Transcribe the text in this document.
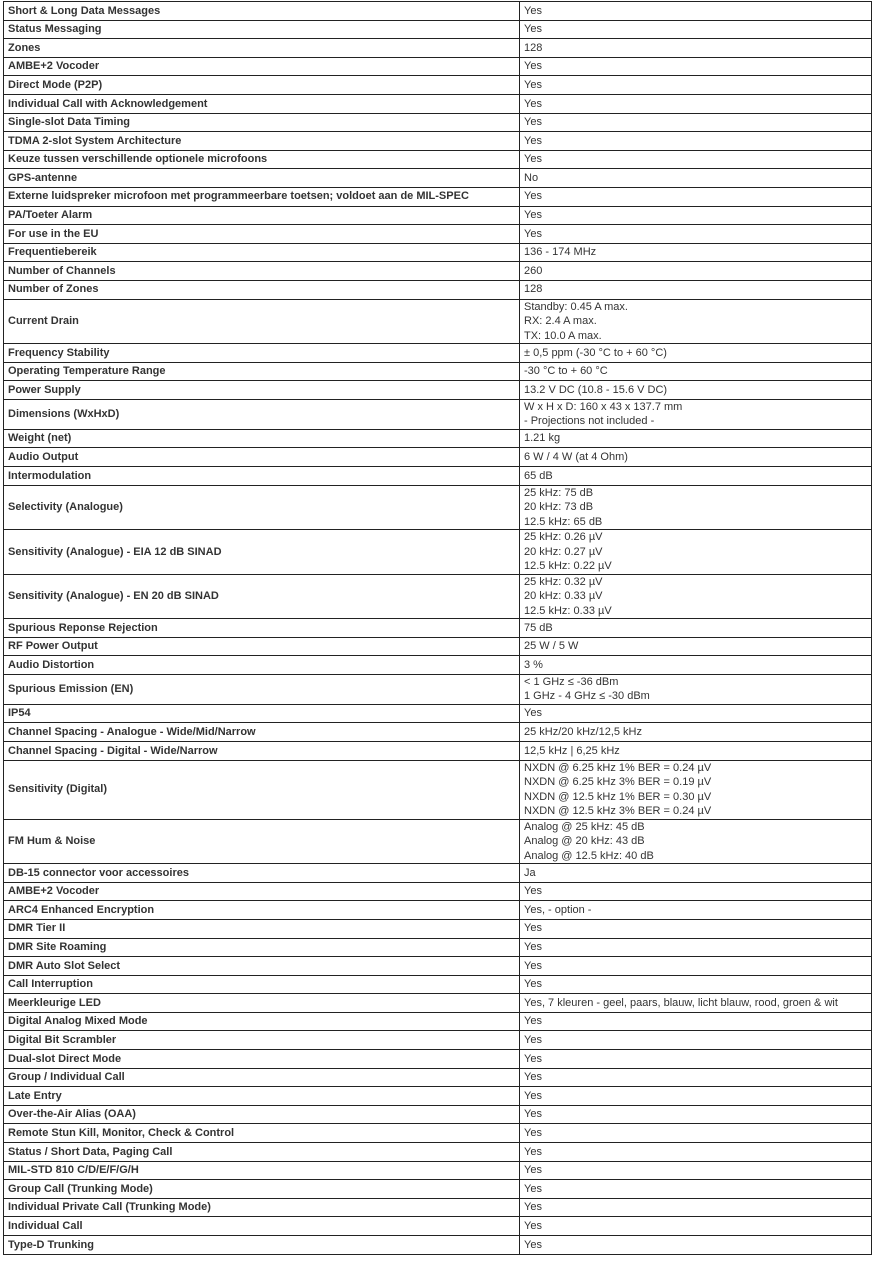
Short & Long Data Messages	Yes

Status Messaging	Yes

Zones	128

AMBE+2 Vocoder	Yes

Direct Mode (P2P)	Yes

Individual Call with Acknowledgement	Yes

Single-slot Data Timing	Yes

TDMA 2-slot System Architecture	Yes

Keuze tussen verschillende optionele microfoons	Yes

GPS-antenne	No

Externe luidspreker microfoon met programmeerbare toetsen; voldoet aan de MIL-SPEC	Yes

PA/Toeter Alarm	Yes

For use in the EU	Yes

Frequentiebereik	136 - 174 MHz

Number of Channels	260

Number of Zones	128

Current Drain	Standby: 0.45 A max.
RX: 2.4 A max.
TX: 10.0 A max.

Frequency Stability	± 0,5 ppm (-30 °C to + 60 °C)

Operating Temperature Range	-30 °C to + 60 °C

Power Supply	13.2 V DC (10.8 - 15.6 V DC)

Dimensions (WxHxD)	W x H x D: 160 x 43 x 137.7 mm
- Projections not included -

Weight (net)	1.21 kg

Audio Output	6 W / 4 W (at 4 Ohm)

Intermodulation	65 dB

Selectivity (Analogue)	25 kHz: 75 dB
20 kHz: 73 dB
12.5 kHz: 65 dB

Sensitivity (Analogue) - EIA 12 dB SINAD	25 kHz: 0.26 µV
20 kHz: 0.27 µV
12.5 kHz: 0.22 µV

Sensitivity (Analogue) - EN 20 dB SINAD	25 kHz: 0.32 µV
20 kHz: 0.33 µV
12.5 kHz: 0.33 µV

Spurious Reponse Rejection	75 dB

RF Power Output	25 W / 5 W

Audio Distortion	3 %

Spurious Emission (EN)	< 1 GHz ≤ -36 dBm
1 GHz - 4 GHz ≤ -30 dBm

IP54	Yes

Channel Spacing - Analogue - Wide/Mid/Narrow	25 kHz/20 kHz/12,5 kHz

Channel Spacing - Digital - Wide/Narrow	12,5 kHz | 6,25 kHz

Sensitivity (Digital)	NXDN @ 6.25 kHz 1% BER = 0.24 µV
NXDN @ 6.25 kHz 3% BER = 0.19 µV
NXDN @ 12.5 kHz 1% BER = 0.30 µV
NXDN @ 12.5 kHz 3% BER = 0.24 µV

FM Hum & Noise	Analog @ 25 kHz: 45 dB
Analog @ 20 kHz: 43 dB
Analog @ 12.5 kHz: 40 dB

DB-15 connector voor accessoires	Ja

AMBE+2 Vocoder	Yes

ARC4 Enhanced Encryption	Yes, - option -

DMR Tier II	Yes

DMR Site Roaming	Yes

DMR Auto Slot Select	Yes

Call Interruption	Yes

Meerkleurige LED	Yes, 7 kleuren - geel, paars, blauw, licht blauw, rood, groen & wit

Digital Analog Mixed Mode	Yes

Digital Bit Scrambler	Yes

Dual-slot Direct Mode	Yes

Group / Individual Call	Yes

Late Entry	Yes

Over-the-Air Alias (OAA)	Yes

Remote Stun Kill, Monitor, Check & Control	Yes

Status / Short Data, Paging Call	Yes

MIL-STD 810 C/D/E/F/G/H	Yes

Group Call (Trunking Mode)	Yes

Individual Private Call (Trunking Mode)	Yes

Individual Call	Yes

Type-D Trunking	Yes
